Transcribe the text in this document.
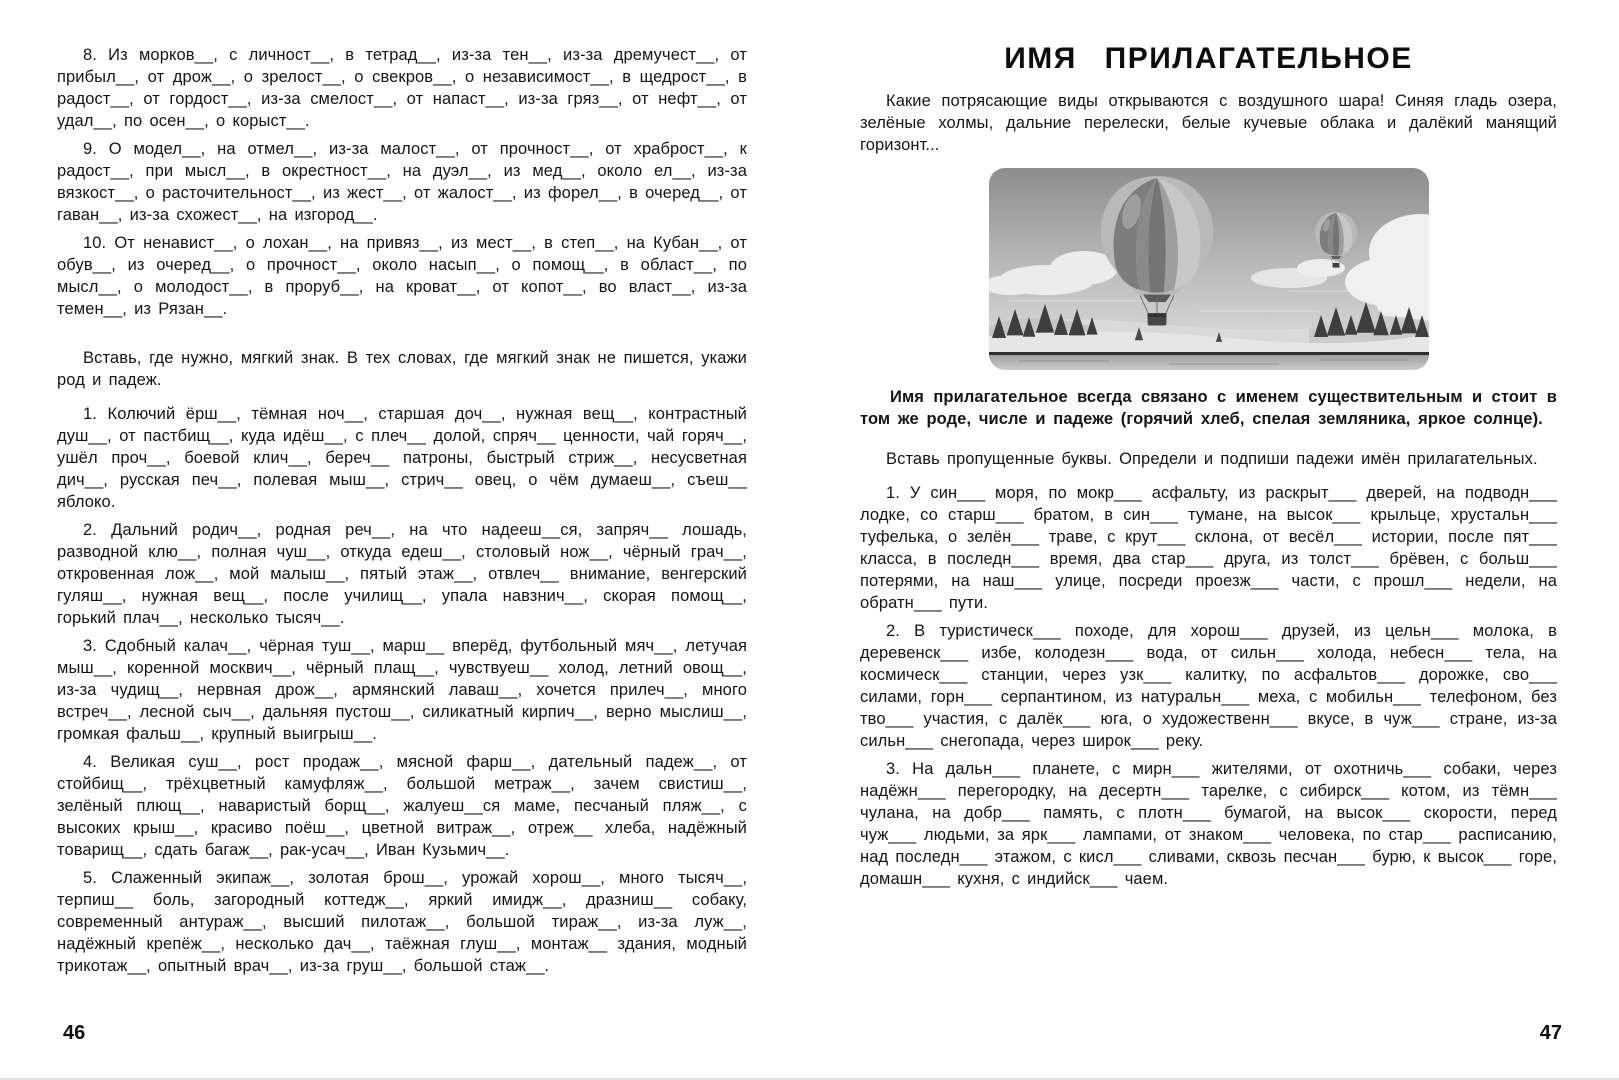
8. Из морков__, с личност__, в тетрад__, из-за тен__, из-за дремучест__, от прибыл__, от дрож__, о зрелост__, о свекров__, о независимост__, в щедрост__, в радост__, от гордост__, из-за смелост__, от напаст__, из-за гряз__, от нефт__, от удал__, по осен__, о корыст__.

9. О модел__, на отмел__, из-за малост__, от прочност__, от храброст__, к радост__, при мысл__, в окрестност__, на дуэл__, из мед__, около ел__, из-за вязкост__, о расточительност__, из жест__, от жалост__, из форел__, в очеред__, от гаван__, из-за схожест__, на изгород__.

10. От ненавист__, о лохан__, на привяз__, из мест__, в степ__, на Кубан__, от обув__, из очеред__, о прочност__, около насып__, о помощ__, в област__, по мысл__, о молодост__, в проруб__, на кроват__, от копот__, во власт__, из-за темен__, из Рязан__.

Вставь, где нужно, мягкий знак. В тех словах, где мягкий знак не пишется, укажи род и падеж.

1. Колючий ёрш__, тёмная ноч__, старшая доч__, нужная вещ__, контрастный душ__, от пастбищ__, куда идёш__, с плеч__ долой, спряч__ ценности, чай горяч__, ушёл проч__, боевой клич__, береч__ патроны, быстрый стриж__, несусветная дич__, русская печ__, полевая мыш__, стрич__ овец, о чём думаеш__, съеш__ яблоко.

2. Дальний родич__, родная реч__, на что надееш__ся, запряч__ лошадь, разводной клю__, полная чуш__, откуда едеш__, столовый нож__, чёрный грач__, откровенная лож__, мой малыш__, пятый этаж__, отвлеч__ внимание, венгерский гуляш__, нужная вещ__, после училищ__, упала навзнич__, скорая помощ__, горький плач__, несколько тысяч__.

3. Сдобный калач__, чёрная туш__, марш__ вперёд, футбольный мяч__, летучая мыш__, коренной москвич__, чёрный плащ__, чувствуеш__ холод, летний овощ__, из-за чудищ__, нервная дрож__, армянский лаваш__, хочется прилеч__, много встреч__, лесной сыч__, дальняя пустош__, силикатный кирпич__, верно мыслиш__, громкая фальш__, крупный выигрыш__.

4. Великая суш__, рост продаж__, мясной фарш__, дательный падеж__, от стойбищ__, трёхцветный камуфляж__, большой метраж__, зачем свистиш__, зелёный плющ__, наваристый борщ__, жалуеш__ся маме, песчаный пляж__, с высоких крыш__, красиво поёш__, цветной витраж__, отреж__ хлеба, надёжный товарищ__, сдать багаж__, рак-усач__, Иван Кузьмич__.

5. Слаженный экипаж__, золотая брош__, урожай хорош__, много тысяч__, терпиш__ боль, загородный коттедж__, яркий имидж__, дразниш__ собаку, современный антураж__, высший пилотаж__, большой тираж__, из-за луж__, надёжный крепёж__, несколько дач__, таёжная глуш__, монтаж__ здания, модный трикотаж__, опытный врач__, из-за груш__, большой стаж__.

46
ИМЯ ПРИЛАГАТЕЛЬНОЕ

Какие потрясающие виды открываются с воздушного шара! Синяя гладь озера, зелёные холмы, дальние перелески, белые кучевые облака и далёкий манящий горизонт...

Имя прилагательное всегда связано с именем существительным и стоит в том же роде, числе и падеже (горячий хлеб, спелая земляника, яркое солнце).

Вставь пропущенные буквы. Определи и подпиши падежи имён прилагательных.

1. У син___ моря, по мокр___ асфальту, из раскрыт___ дверей, на подводн___ лодке, со старш___ братом, в син___ тумане, на высок___ крыльце, хрустальн___ туфелька, о зелён___ траве, с крут___ склона, от весёл___ истории, после пят___ класса, в последн___ время, два стар___ друга, из толст___ брёвен, с больш___ потерями, на наш___ улице, посреди проезж___ части, с прошл___ недели, на обратн___ пути.

2. В туристическ___ походе, для хорош___ друзей, из цельн___ молока, в деревенск___ избе, колодезн___ вода, от сильн___ холода, небесн___ тела, на космическ___ станции, через узк___ калитку, по асфальтов___ дорожке, сво___ силами, горн___ серпантином, из натуральн___ меха, с мобильн___ телефоном, без тво___ участия, с далёк___ юга, о художественн___ вкусе, в чуж___ стране, из-за сильн___ снегопада, через широк___ реку.

3. На дальн___ планете, с мирн___ жителями, от охотничь___ собаки, через надёжн___ перегородку, на десертн___ тарелке, с сибирск___ котом, из тёмн___ чулана, на добр___ память, с плотн___ бумагой, на высок___ скорости, перед чуж___ людьми, за ярк___ лампами, от знаком___ человека, по стар___ расписанию, над последн___ этажом, с кисл___ сливами, сквозь песчан___ бурю, к высок___ горе, домашн___ кухня, с индийск___ чаем.

47
